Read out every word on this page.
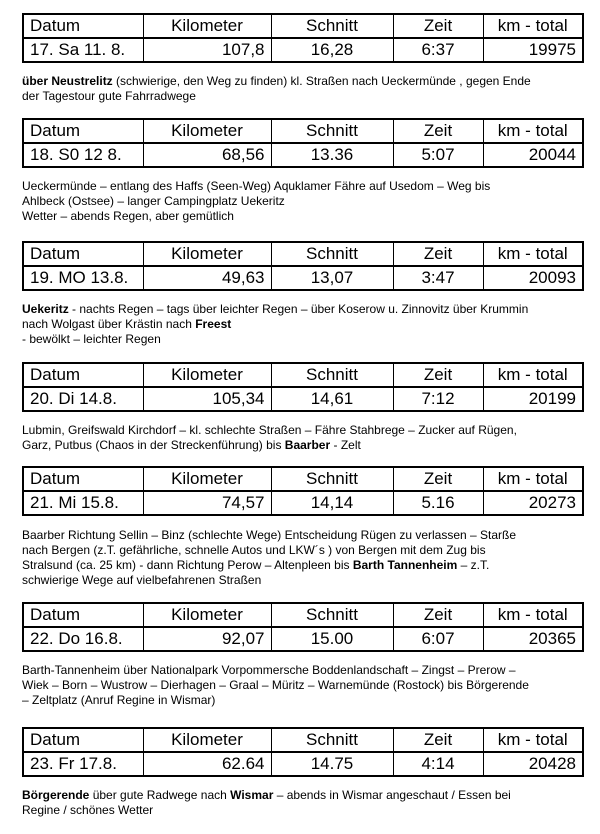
Datum	Kilometer	Schnitt	Zeit	km - total
17. Sa 11. 8.	107,8	16,28	6:37	19975

über Neustrelitz (schwierige, den Weg zu finden) kl. Straßen nach Ueckermünde , gegen Ende

der Tagestour gute Fahrradwege

Datum	Kilometer	Schnitt	Zeit	km - total
18. S0 12 8.	68,56	13.36	5:07	20044

Ueckermünde – entlang des Haffs (Seen-Weg) Aquklamer Fähre auf Usedom – Weg bis

Ahlbeck (Ostsee) – langer Campingplatz Uekeritz

Wetter – abends Regen, aber gemütlich

Datum	Kilometer	Schnitt	Zeit	km - total
19. MO 13.8.	49,63	13,07	3:47	20093

Uekeritz - nachts Regen – tags über leichter Regen – über Koserow u. Zinnovitz über Krummin

nach Wolgast über Krästin nach Freest

- bewölkt – leichter Regen

Datum	Kilometer	Schnitt	Zeit	km - total
20. Di 14.8.	105,34	14,61	7:12	20199

Lubmin, Greifswald Kirchdorf – kl. schlechte Straßen – Fähre Stahbrege – Zucker auf Rügen,

Garz, Putbus (Chaos in der Streckenführung) bis Baarber - Zelt

Datum	Kilometer	Schnitt	Zeit	km - total
21. Mi 15.8.	74,57	14,14	5.16	20273

Baarber Richtung Sellin – Binz (schlechte Wege) Entscheidung Rügen zu verlassen – Starße

nach Bergen (z.T. gefährliche, schnelle Autos und LKW´s ) von Bergen mit dem Zug bis

Stralsund (ca. 25 km) - dann Richtung Perow – Altenpleen bis Barth Tannenheim – z.T.

schwierige Wege auf vielbefahrenen Straßen

Datum	Kilometer	Schnitt	Zeit	km - total
22. Do 16.8.	92,07	15.00	6:07	20365

Barth-Tannenheim über Nationalpark Vorpommersche Boddenlandschaft – Zingst – Prerow –

Wiek – Born – Wustrow – Dierhagen – Graal – Müritz – Warnemünde (Rostock) bis Börgerende

– Zeltplatz (Anruf Regine in Wismar)

Datum	Kilometer	Schnitt	Zeit	km - total
23. Fr 17.8.	62.64	14.75	4:14	20428

Börgerende über gute Radwege nach Wismar – abends in Wismar angeschaut / Essen bei

Regine / schönes Wetter
